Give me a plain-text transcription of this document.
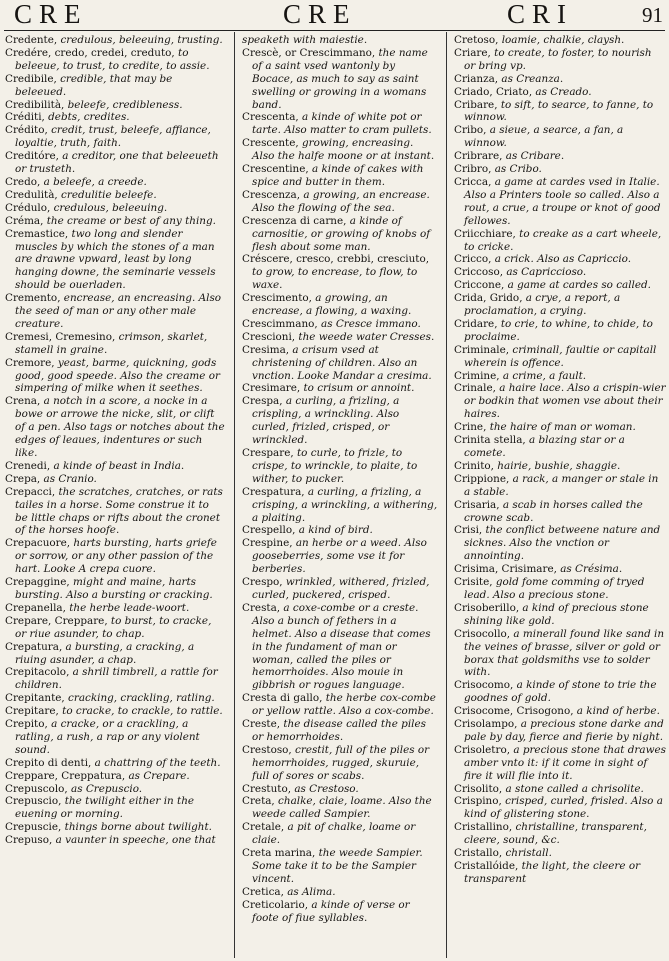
CRE	CRE	CRI	91

Credente, credulous, beleeuing, trusting.

Credére, credo, credei, creduto, to beleeue, to trust, to credite, to assie.

Credibile, credible, that may be beleeued.

Credibilità, beleefe, credibleness.

Créditi, debts, credites.

Crédito, credit, trust, beleefe, affiance, loyaltie, truth, faith.

Creditóre, a creditor, one that beleeueth or trusteth.

Credo, a beleefe, a creede.

Credulità, credulitie beleefe.

Crédulo, credulous, beleeuing.

Créma, the creame or best of any thing.

Cremastice, two long and slender muscles by which the stones of a man are drawne vpward, least by long hanging downe, the seminarie vessels should be ouerladen.

Cremento, encrease, an encreasing. Also the seed of man or any other male creature.

Cremesi, Cremesino, crimson, skarlet, stamell in graine.

Cremore, yeast, barme, quickning, gods good, good speede. Also the creame or simpering of milke when it seethes.

Crena, a notch in a score, a nocke in a bowe or arrowe the nicke, slit, or clift of a pen. Also tags or notches about the edges of leaues, indentures or such like.

Crenedi, a kinde of beast in India.

Crepa, as Cranio.

Crepacci, the scratches, cratches, or rats tailes in a horse. Some construe it to be little chaps or rifts about the cronet of the horses hoofe.

Crepacuore, harts bursting, harts griefe or sorrow, or any other passion of the hart. Looke A crepa cuore.

Crepaggine, might and maine, harts bursting. Also a bursting or cracking.

Crepanella, the herbe leade-woort.

Crepare, Creppare, to burst, to cracke, or riue asunder, to chap.

Crepatura, a bursting, a cracking, a riuing asunder, a chap.

Crepitacolo, a shrill timbrell, a rattle for children.

Crepitante, cracking, crackling, ratling.

Crepitare, to cracke, to crackle, to rattle.

Crepito, a cracke, or a crackling, a ratling, a rush, a rap or any violent sound.

Crepito di denti, a chattring of the teeth.

Creppare, Creppatura, as Crepare.

Crepuscolo, as Crepuscio.

Crepuscio, the twilight either in the euening or morning.

Crepuscie, things borne about twilight.

Crepuso, a vaunter in speeche, one that

speaketh with maiestie.

Crescè, or Crescimmano, the name of a saint vsed wantonly by Bocace, as much to say as saint swelling or growing in a womans band.

Crescenta, a kinde of white pot or tarte. Also matter to cram pullets.

Crescente, growing, encreasing. Also the halfe moone or at instant.

Crescentine, a kinde of cakes with spice and butter in them.

Crescenza, a growing, an encrease. Also the flowing of the sea.

Crescenza di carne, a kinde of carnositie, or growing of knobs of flesh about some man.

Créscere, cresco, crebbi, cresciuto, to grow, to encrease, to flow, to waxe.

Crescimento, a growing, an encrease, a flowing, a waxing.

Crescimmano, as Cresce immano.

Crescioni, the weede water Cresses.

Cresima, a crisum vsed at christening of children. Also an vnction. Looke Mandar a cresima.

Cresimare, to crisum or annoint.

Crespa, a curling, a frizling, a crispling, a wrinckling. Also curled, frizled, crisped, or wrinckled.

Crespare, to curle, to frizle, to crispe, to wrinckle, to plaite, to wither, to pucker.

Crespatura, a curling, a frizling, a crisping, a wrinckling, a withering, a plaiting.

Crespello, a kind of bird.

Crespine, an herbe or a weed. Also gooseberries, some vse it for berberies.

Crespo, wrinkled, withered, frizled, curled, puckered, crisped.

Cresta, a coxe-combe or a creste. Also a bunch of fethers in a helmet. Also a disease that comes in the fundament of man or woman, called the piles or hemorrhoides. Also mouie in gibbrish or rogues language.

Cresta di gallo, the herbe cox-combe or yellow rattle. Also a cox-combe.

Creste, the disease called the piles or hemorrhoides.

Crestoso, crestit, full of the piles or hemorrhoides, rugged, skuruie, full of sores or scabs.

Crestuto, as Crestoso.

Creta, chalke, claie, loame. Also the weede called Sampier.

Cretale, a pit of chalke, loame or claie.

Creta marina, the weede Sampier. Some take it to be the Sampier vincent.

Cretica, as Alima.

Creticolario, a kinde of verse or foote of fiue syllables.

Cretoso, loamie, chalkie, claysh.

Criare, to create, to foster, to nourish or bring vp.

Crianza, as Creanza.

Criado, Criato, as Creado.

Cribare, to sift, to searce, to fanne, to winnow.

Cribo, a sieue, a searce, a fan, a winnow.

Cribrare, as Cribare.

Cribro, as Cribo.

Cricca, a game at cardes vsed in Italie. Also a Printers toole so called. Also a rout, a crue, a troupe or knot of good fellowes.

Criicchiare, to creake as a cart wheele, to cricke.

Cricco, a crick. Also as Capriccio.

Criccoso, as Capriccioso.

Criccone, a game at cardes so called.

Crida, Grido, a crye, a report, a proclamation, a crying.

Cridare, to crie, to whine, to chide, to proclaime.

Criminale, criminall, faultie or capitall wherein is offence.

Crimine, a crime, a fault.

Crinale, a haire lace. Also a crispin-wier or bodkin that women vse about their haires.

Crine, the haire of man or woman.

Crinita stella, a blazing star or a comete.

Crinito, hairie, bushie, shaggie.

Crippione, a rack, a manger or stale in a stable.

Crisaria, a scab in horses called the crowne scab.

Crisi, the conflict betweene nature and sicknes. Also the vnction or annointing.

Crisima, Crisimare, as Crésima.

Crisite, gold fome comming of tryed lead. Also a precious stone.

Crisoberillo, a kind of precious stone shining like gold.

Crisocollo, a minerall found like sand in the veines of brasse, silver or gold or borax that goldsmiths vse to solder with.

Crisocomo, a kinde of stone to trie the goodnes of gold.

Crisocome, Crisogono, a kind of herbe.

Crisolampo, a precious stone darke and pale by day, fierce and fierie by night.

Crisoletro, a precious stone that drawes amber vnto it: if it come in sight of fire it will flie into it.

Crisolito, a stone called a chrisolite.

Crispino, crisped, curled, frisled. Also a kind of glistering stone.

Cristallino, christalline, transparent, cleere, sound, &c.

Cristallo, christall.

Cristallóide, the light, the cleere or transparent
